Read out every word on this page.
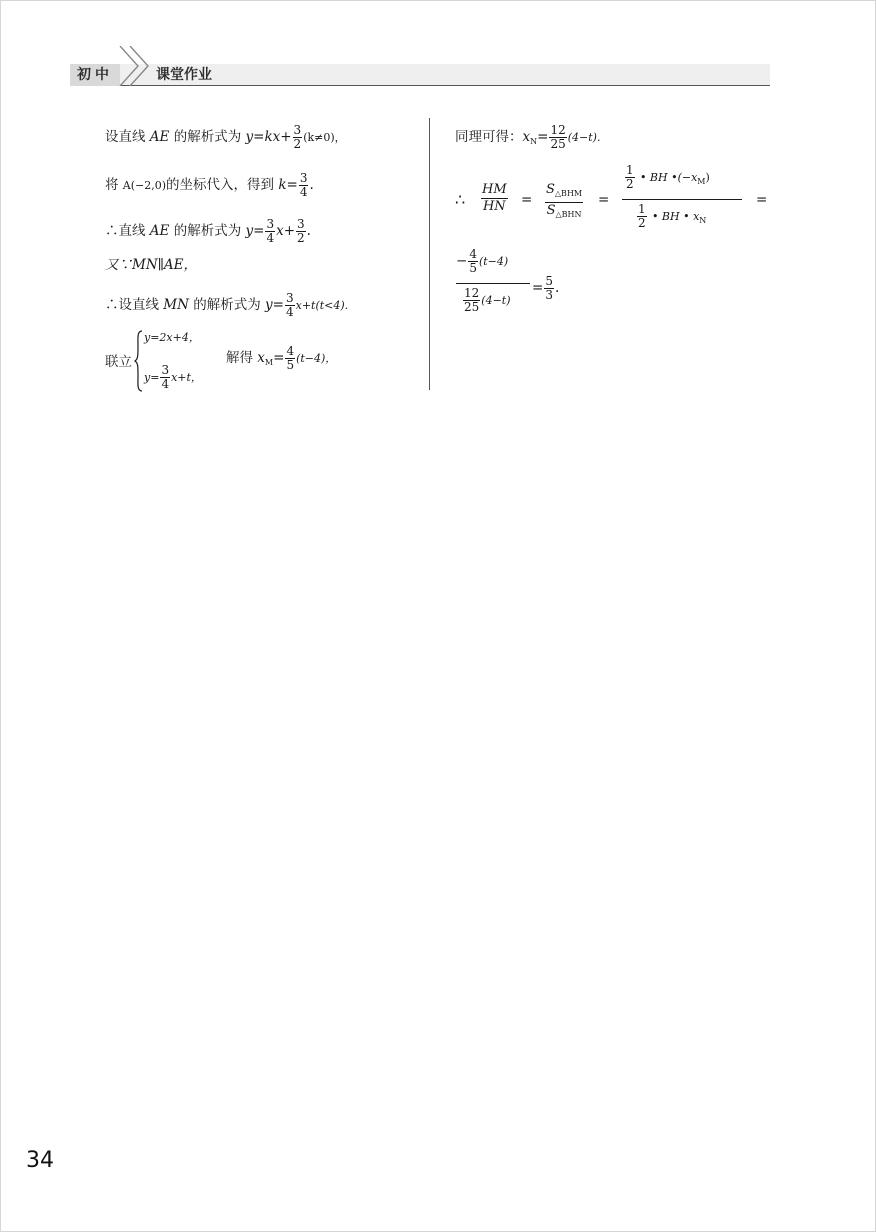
初中	课堂作业
设直线 AE 的解析式为 $y=kx+ \frac{3}{2} (k\ne 0)$，
将 A(−2,0)的坐标代入，得到 $k= \frac{3}{4}$ .
∴直线 AE 的解析式为 $y= \frac{3}{4} x+ \frac{3}{2}$ .
又∵MN∥AE，
∴设直线 MN 的解析式为 $y= \frac{3}{4} x+t(t<4)$.
联立
y=2x+4，
$y= \frac{3}{4} x+t$，
解得 $x_M= \frac{4}{5} (t-4)$，
同理可得：$x_N= \frac{12}{25} (4-t)$.
∴ $\frac{HM}{HN} = \frac{S_{\triangle BHM}}{S_{\triangle BHN}}$ =
$\frac{1}{2}$ • BH $•(-x_M)$
$\frac{1}{2}$ • BH • $x_N$
=
− $\frac{4}{5} (t-4)$
$\frac{12}{25} (4-t)$
= $\frac{5}{3}$ .
34
